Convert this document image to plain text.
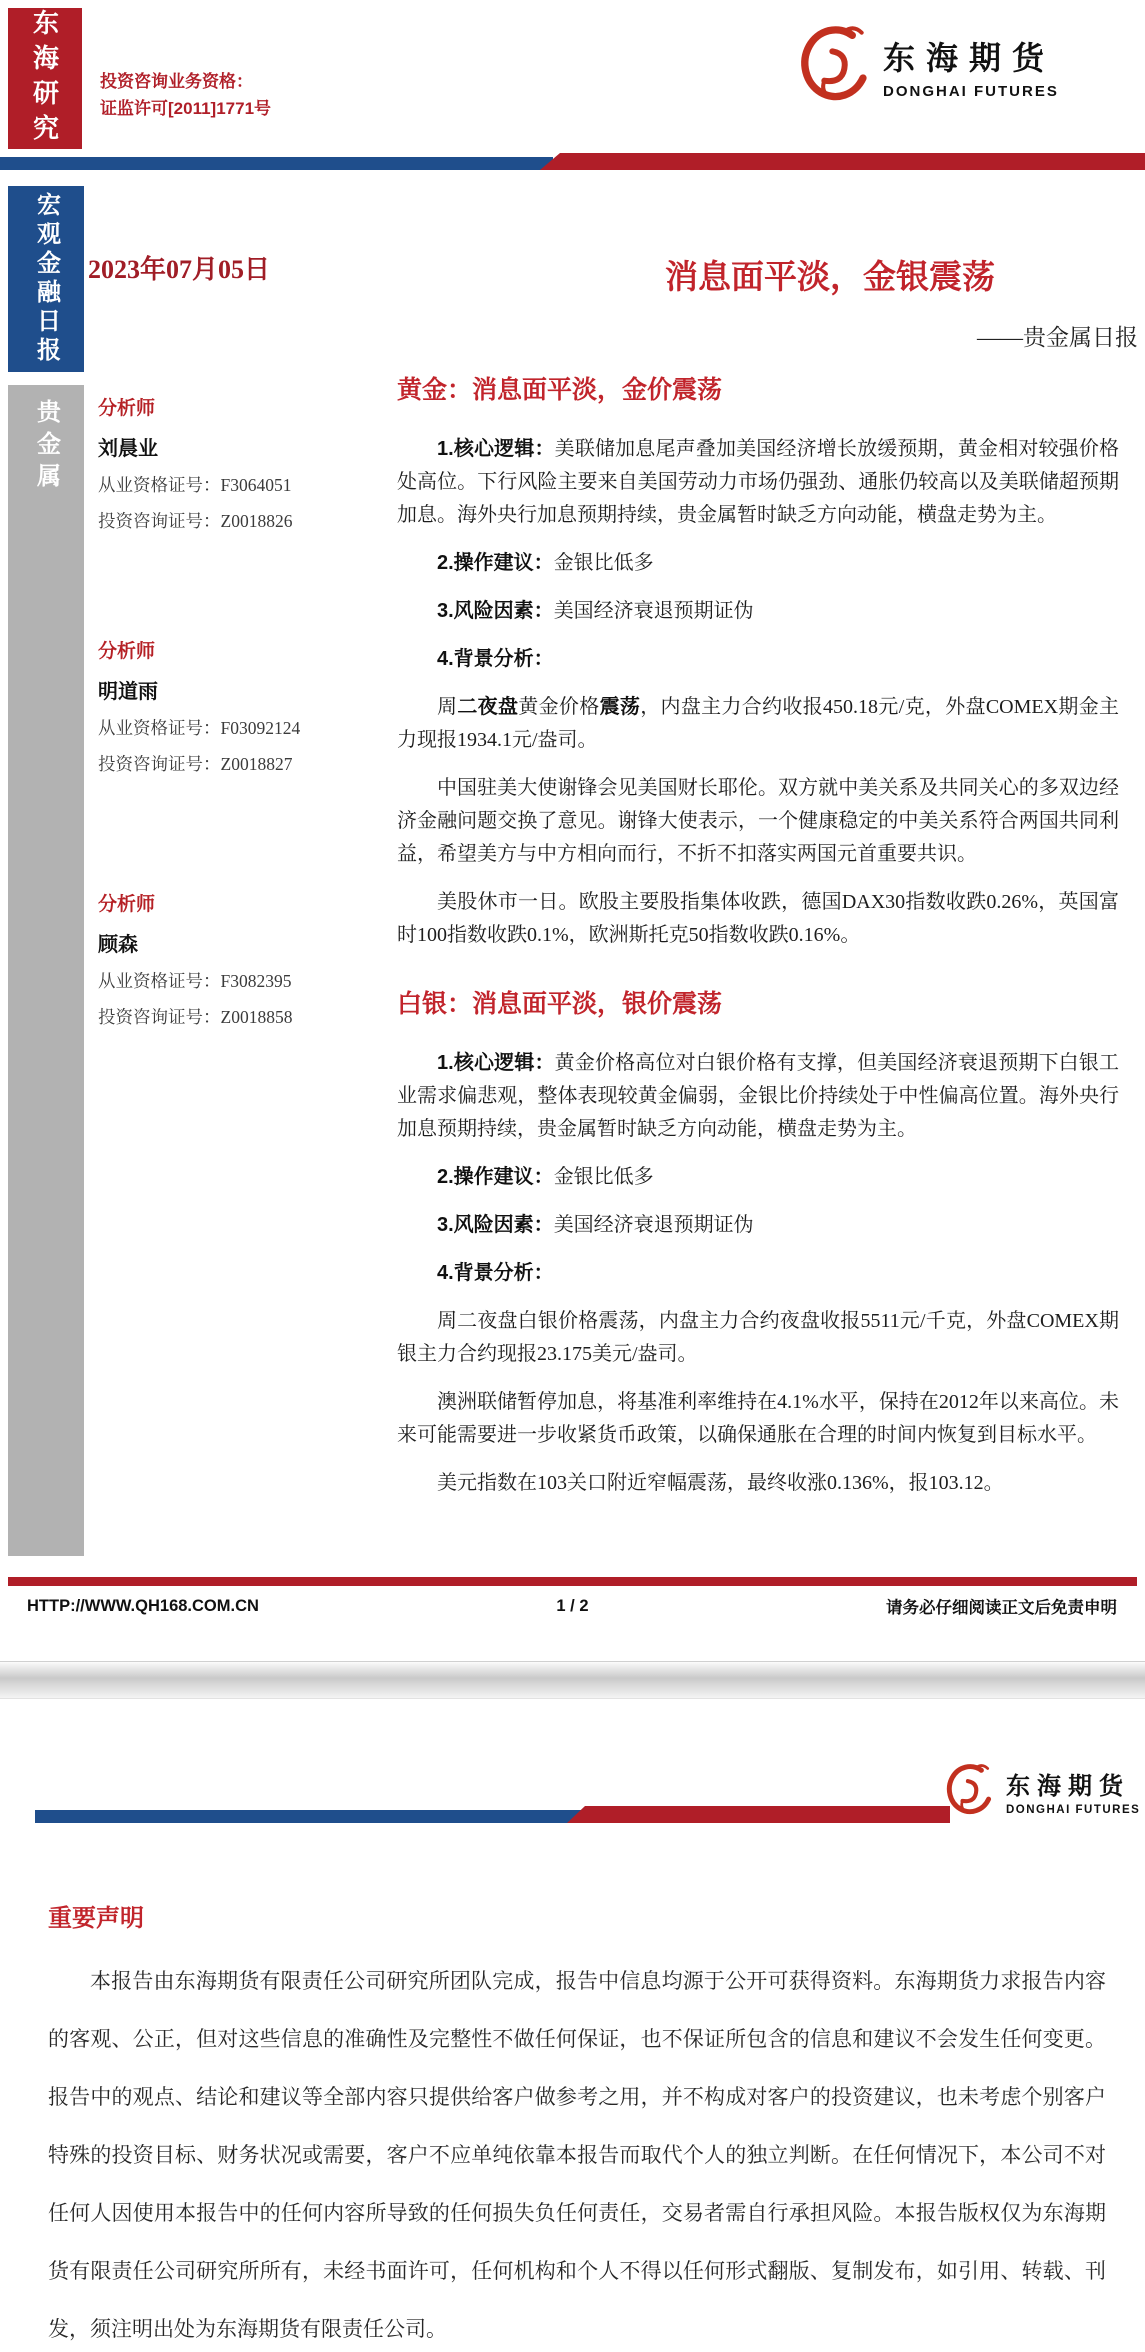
东海研究 投资咨询业务资格：
证监许可[2011]1771号
东海期货
DONGHAI FUTURES
宏观金融日报
贵金属
2023年07月05日	消息面平淡，金银震荡
——贵金属日报
分析师
刘晨业
从业资格证号：F3064051
投资咨询证号：Z0018826
分析师
明道雨
从业资格证号：F03092124
投资咨询证号：Z0018827
分析师
顾森
从业资格证号：F3082395
投资咨询证号：Z0018858
黄金：消息面平淡，金价震荡

1.核心逻辑：美联储加息尾声叠加美国经济增长放缓预期，黄金相对较强价格处高位。下行风险主要来自美国劳动力市场仍强劲、通胀仍较高以及美联储超预期加息。海外央行加息预期持续，贵金属暂时缺乏方向动能，横盘走势为主。

2.操作建议：金银比低多

3.风险因素：美国经济衰退预期证伪

4.背景分析：

周二夜盘黄金价格震荡，内盘主力合约收报450.18元/克，外盘COMEX期金主力现报1934.1元/盎司。

中国驻美大使谢锋会见美国财长耶伦。双方就中美关系及共同关心的多双边经济金融问题交换了意见。谢锋大使表示，一个健康稳定的中美关系符合两国共同利益，希望美方与中方相向而行，不折不扣落实两国元首重要共识。

美股休市一日。欧股主要股指集体收跌，德国DAX30指数收跌0.26%，英国富时100指数收跌0.1%，欧洲斯托克50指数收跌0.16%。

白银：消息面平淡，银价震荡

1.核心逻辑：黄金价格高位对白银价格有支撑，但美国经济衰退预期下白银工业需求偏悲观，整体表现较黄金偏弱，金银比价持续处于中性偏高位置。海外央行加息预期持续，贵金属暂时缺乏方向动能，横盘走势为主。

2.操作建议：金银比低多

3.风险因素：美国经济衰退预期证伪

4.背景分析：

周二夜盘白银价格震荡，内盘主力合约夜盘收报5511元/千克，外盘COMEX期银主力合约现报23.175美元/盎司。

澳洲联储暂停加息，将基准利率维持在4.1%水平，保持在2012年以来高位。未来可能需要进一步收紧货币政策，以确保通胀在合理的时间内恢复到目标水平。

美元指数在103关口附近窄幅震荡，最终收涨0.136%，报103.12。

HTTP://WWW.QH168.COM.CN	1 / 2	请务必仔细阅读正文后免责申明
东海期货
DONGHAI FUTURES
重要声明
本报告由东海期货有限责任公司研究所团队完成，报告中信息均源于公开可获得资料。东海期货力求报告内容的客观、公正，但对这些信息的准确性及完整性不做任何保证，也不保证所包含的信息和建议不会发生任何变更。报告中的观点、结论和建议等全部内容只提供给客户做参考之用，并不构成对客户的投资建议，也未考虑个别客户特殊的投资目标、财务状况或需要，客户不应单纯依靠本报告而取代个人的独立判断。在任何情况下，本公司不对任何人因使用本报告中的任何内容所导致的任何损失负任何责任，交易者需自行承担风险。本报告版权仅为东海期货有限责任公司研究所所有，未经书面许可，任何机构和个人不得以任何形式翻版、复制发布，如引用、转载、刊发，须注明出处为东海期货有限责任公司。
